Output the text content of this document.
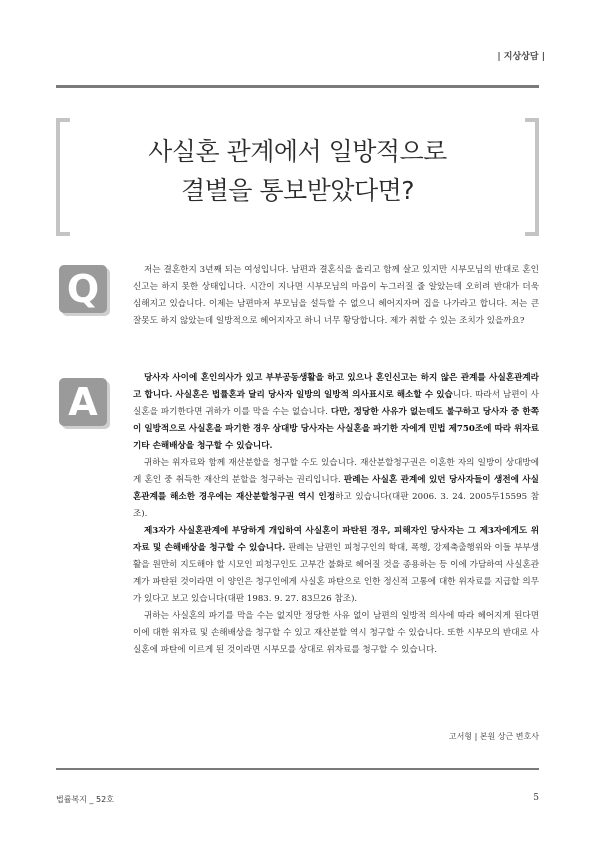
| 지상상담 |
사실혼 관계에서 일방적으로
결별을 통보받았다면?
Q	저는 결혼한지 3년째 되는 여성입니다. 남편과 결혼식을 올리고 함께 살고 있지만 시부모님의 반대로 혼인신고는 하지 못한 상태입니다. 시간이 지나면 시부모님의 마음이 누그러질 줄 알았는데 오히려 반대가 더욱 심해지고 있습니다. 이제는 남편마저 부모님을 설득할 수 없으니 헤어지자며 집을 나가라고 합니다. 저는 큰 잘못도 하지 않았는데 일방적으로 헤어지자고 하니 너무 황당합니다. 제가 취할 수 있는 조치가 있을까요?

A

당사자 사이에 혼인의사가 있고 부부공동생활을 하고 있으나 혼인신고는 하지 않은 관계를 사실혼관계라고 합니다. 사실혼은 법률혼과 달리 당사자 일방의 일방적 의사표시로 해소할 수 있습니다. 따라서 남편이 사실혼을 파기한다면 귀하가 이를 막을 수는 없습니다. 다만, 정당한 사유가 없는데도 불구하고 당사자 중 한쪽이 일방적으로 사실혼을 파기한 경우 상대방 당사자는 사실혼을 파기한 자에게 민법 제750조에 따라 위자료 기타 손해배상을 청구할 수 있습니다.

귀하는 위자료와 함께 재산분할을 청구할 수도 있습니다. 재산분할청구권은 이혼한 자의 일방이 상대방에게 혼인 중 취득한 재산의 분할을 청구하는 권리입니다. 판례는 사실혼 관계에 있던 당사자들이 생전에 사실혼관계를 해소한 경우에는 재산분할청구권 역시 인정하고 있습니다(대판 2006. 3. 24. 2005두15595 참조).

제3자가 사실혼관계에 부당하게 개입하여 사실혼이 파탄된 경우, 피해자인 당사자는 그 제3자에게도 위자료 및 손해배상을 청구할 수 있습니다. 판례는 남편인 피청구인의 학대, 폭행, 강제축출행위와 이들 부부생활을 원만히 지도해야 할 시모인 피청구인도 고부간 불화로 헤어질 것을 종용하는 등 이에 가담하여 사실혼관계가 파탄된 것이라면 이 양인은 청구인에게 사실혼 파탄으로 인한 정신적 고통에 대한 위자료를 지급할 의무가 있다고 보고 있습니다(대판 1983. 9. 27. 83므26 참조).

귀하는 사실혼의 파기를 막을 수는 없지만 정당한 사유 없이 남편의 일방적 의사에 따라 헤어지게 된다면 이에 대한 위자료 및 손해배상을 청구할 수 있고 재산분할 역시 청구할 수 있습니다. 또한 시부모의 반대로 사실혼에 파탄에 이르게 된 것이라면 시부모를 상대로 위자료를 청구할 수 있습니다.

고서형 | 본원 상근 변호사
법률복지 _ 52호	5
